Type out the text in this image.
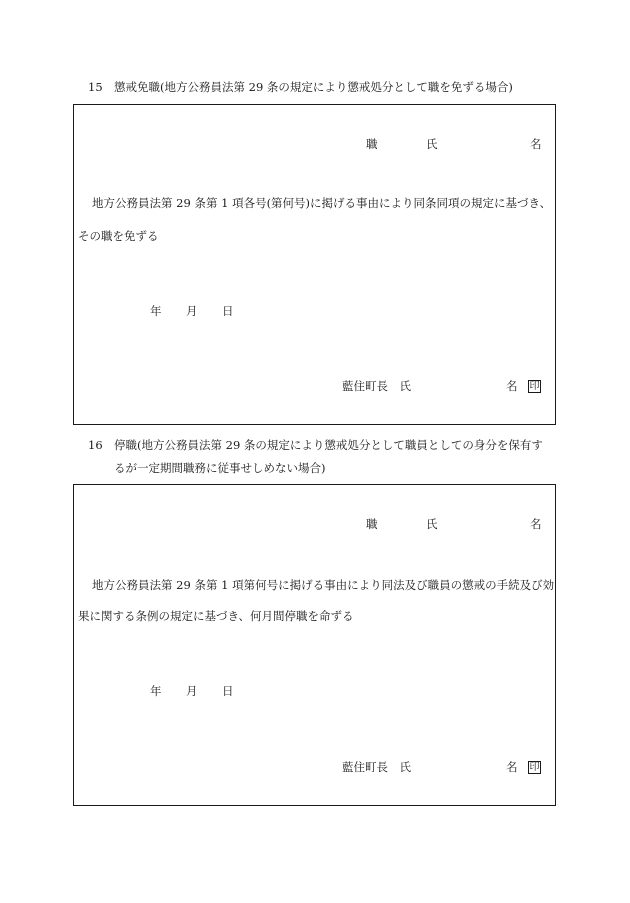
15 懲戒免職(地方公務員法第 29 条の規定により懲戒処分として職を免ずる場合)
職	氏	名
地方公務員法第 29 条第 1 項各号(第何号)に掲げる事由により同条同項の規定に基づき、
その職を免ずる
年 月 日
藍住町長　氏	名 印
16 停職(地方公務員法第 29 条の規定により懲戒処分として職員としての身分を保有す
るが一定期間職務に従事せしめない場合)
職	氏	名
地方公務員法第 29 条第 1 項第何号に掲げる事由により同法及び職員の懲戒の手続及び効
果に関する条例の規定に基づき、何月間停職を命ずる
年 月 日
藍住町長　氏	名 印
